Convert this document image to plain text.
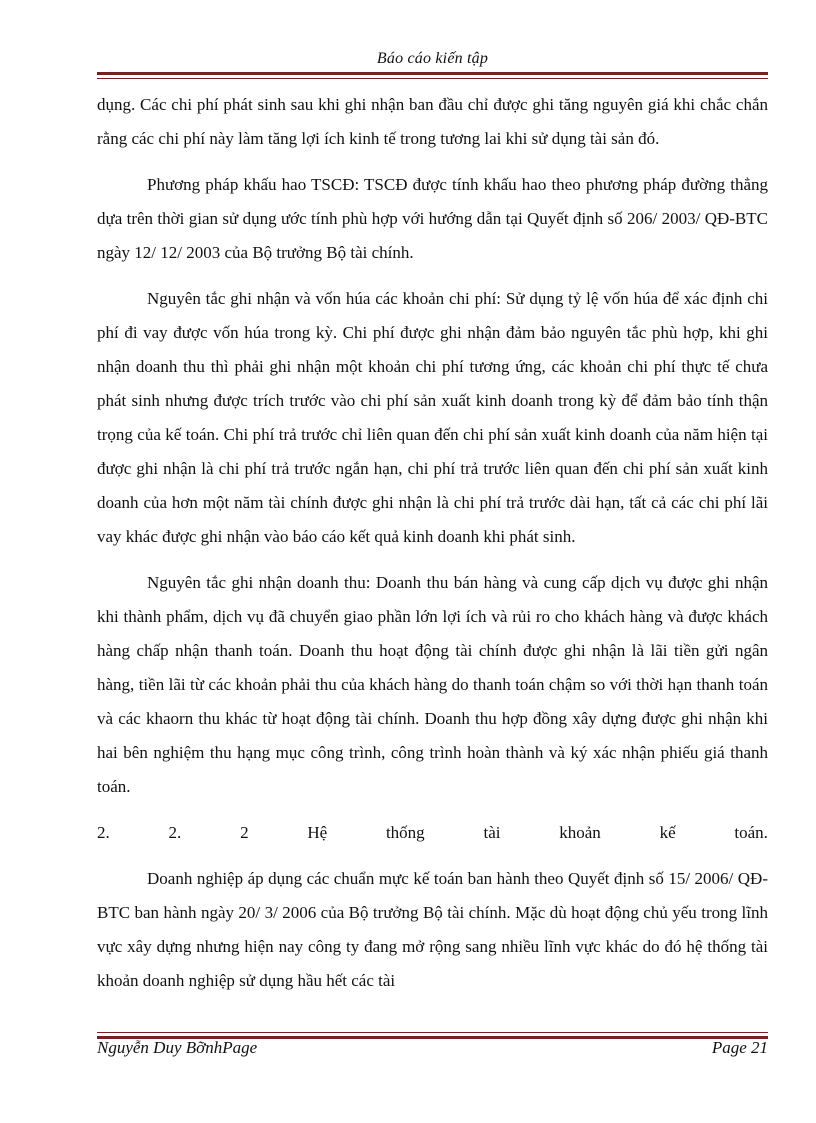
Báo cáo kiến tập

dụng. Các chi phí phát sinh sau khi ghi nhận ban đầu chỉ được ghi tăng nguyên giá khi chắc chắn rằng các chi phí này làm tăng lợi ích kinh tế trong tương lai khi sử dụng tài sản đó.

Phương pháp khấu hao TSCĐ: TSCĐ được tính khấu hao theo phương pháp đường thẳng dựa trên thời gian sử dụng ước tính phù hợp với hướng dẫn tại Quyết định số 206/ 2003/ QĐ-BTC ngày 12/ 12/ 2003 của Bộ trưởng Bộ tài chính.

Nguyên tắc ghi nhận và vốn húa các khoản chi phí: Sử dụng tỷ lệ vốn húa để xác định chi phí đi vay được vốn húa trong kỳ. Chi phí được ghi nhận đảm bảo nguyên tắc phù hợp, khi ghi nhận doanh thu thì phải ghi nhận một khoản chi phí tương ứng, các khoản chi phí thực tế chưa phát sinh nhưng được trích trước vào chi phí sản xuất kinh doanh trong kỳ để đảm bảo tính thận trọng của kế toán. Chi phí trả trước chỉ liên quan đến chi phí sản xuất kinh doanh của năm hiện tại được ghi nhận là chi phí trả trước ngắn hạn, chi phí trả trước liên quan đến chi phí sản xuất kinh doanh của hơn một năm tài chính được ghi nhận là chi phí trả trước dài hạn, tất cả các chi phí lãi vay khác được ghi nhận vào báo cáo kết quả kinh doanh khi phát sinh.

Nguyên tắc ghi nhận doanh thu: Doanh thu bán hàng và cung cấp dịch vụ được ghi nhận khi thành phẩm, dịch vụ đã chuyển giao phần lớn lợi ích và rủi ro cho khách hàng và được khách hàng chấp nhận thanh toán. Doanh thu hoạt động tài chính được ghi nhận là lãi tiền gửi ngân hàng, tiền lãi từ các khoản phải thu của khách hàng do thanh toán chậm so với thời hạn thanh toán và các khaorn thu khác từ hoạt động tài chính. Doanh thu hợp đồng xây dựng được ghi nhận khi hai bên nghiệm thu hạng mục công trình, công trình hoàn thành và ký xác nhận phiếu giá thanh toán.

2.	2.	2	Hệ	thống	tài	khoản	kế	toán.

Doanh nghiệp áp dụng các chuẩn mực kế toán ban hành theo Quyết định số 15/ 2006/ QĐ-BTC ban hành ngày 20/ 3/ 2006 của Bộ trưởng Bộ tài chính. Mặc dù hoạt động chủ yếu trong lĩnh vực xây dựng nhưng hiện nay công ty đang mở rộng sang nhiều lĩnh vực khác do đó hệ thống tài khoản doanh nghiệp sử dụng hầu hết các tài

Nguyễn Duy BỡnhPage	Page 21
